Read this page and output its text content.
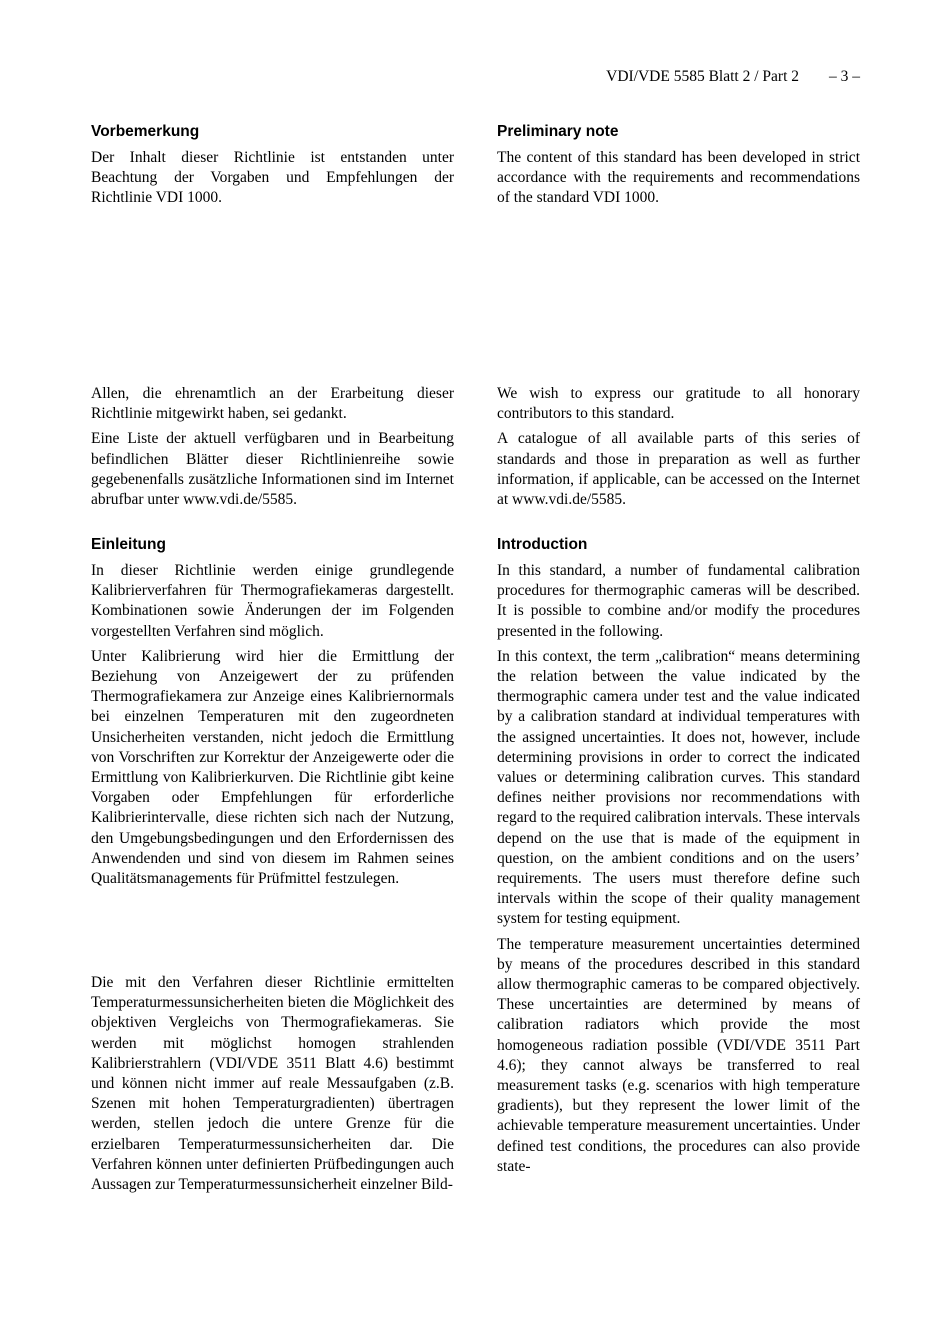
VDI/VDE 5585 Blatt 2 / Part 2 – 3 –
Vorbemerkung
Der Inhalt dieser Richtlinie ist entstanden unter Beachtung der Vorgaben und Empfehlungen der Richtlinie VDI 1000.
Allen, die ehrenamtlich an der Erarbeitung dieser Richtlinie mitgewirkt haben, sei gedankt.
Eine Liste der aktuell verfügbaren und in Bearbeitung befindlichen Blätter dieser Richtlinienreihe sowie gegebenenfalls zusätzliche Informationen sind im Internet abrufbar unter www.vdi.de/5585.
Einleitung
In dieser Richtlinie werden einige grundlegende Kalibrierverfahren für Thermografiekameras dargestellt. Kombinationen sowie Änderungen der im Folgenden vorgestellten Verfahren sind möglich.
Unter Kalibrierung wird hier die Ermittlung der Beziehung von Anzeigewert der zu prüfenden Thermografiekamera zur Anzeige eines Kalibriernormals bei einzelnen Temperaturen mit den zugeordneten Unsicherheiten verstanden, nicht jedoch die Ermittlung von Vorschriften zur Korrektur der Anzeigewerte oder die Ermittlung von Kalibrierkurven. Die Richtlinie gibt keine Vorgaben oder Empfehlungen für erforderliche Kalibrierintervalle, diese richten sich nach der Nutzung, den Umgebungsbedingungen und den Erfordernissen des Anwendenden und sind von diesem im Rahmen seines Qualitätsmanagements für Prüfmittel festzulegen.
Die mit den Verfahren dieser Richtlinie ermittelten Temperaturmessunsicherheiten bieten die Möglichkeit des objektiven Vergleichs von Thermografiekameras. Sie werden mit möglichst homogen strahlenden Kalibrierstrahlern (VDI/VDE 3511 Blatt 4.6) bestimmt und können nicht immer auf reale Messaufgaben (z.B. Szenen mit hohen Temperaturgradienten) übertragen werden, stellen jedoch die untere Grenze für die erzielbaren Temperaturmessunsicherheiten dar. Die Verfahren können unter definierten Prüfbedingungen auch Aussagen zur Temperaturmessunsicherheit einzelner Bild-
Preliminary note
The content of this standard has been developed in strict accordance with the requirements and recommendations of the standard VDI 1000.
We wish to express our gratitude to all honorary contributors to this standard.
A catalogue of all available parts of this series of standards and those in preparation as well as further information, if applicable, can be accessed on the Internet at www.vdi.de/5585.
Introduction
In this standard, a number of fundamental calibration procedures for thermographic cameras will be described. It is possible to combine and/or modify the procedures presented in the following.
In this context, the term „calibration“ means determining the relation between the value indicated by the thermographic camera under test and the value indicated by a calibration standard at individual temperatures with the assigned uncertainties. It does not, however, include determining provisions in order to correct the indicated values or determining calibration curves. This standard defines neither provisions nor recommendations with regard to the required calibration intervals. These intervals depend on the use that is made of the equipment in question, on the ambient conditions and on the users’ requirements. The users must therefore define such intervals within the scope of their quality management system for testing equipment.
The temperature measurement uncertainties determined by means of the procedures described in this standard allow thermographic cameras to be compared objectively. These uncertainties are determined by means of calibration radiators which provide the most homogeneous radiation possible (VDI/VDE 3511 Part 4.6); they cannot always be transferred to real measurement tasks (e.g. scenarios with high temperature gradients), but they represent the lower limit of the achievable temperature measurement uncertainties. Under defined test conditions, the procedures can also provide state-
